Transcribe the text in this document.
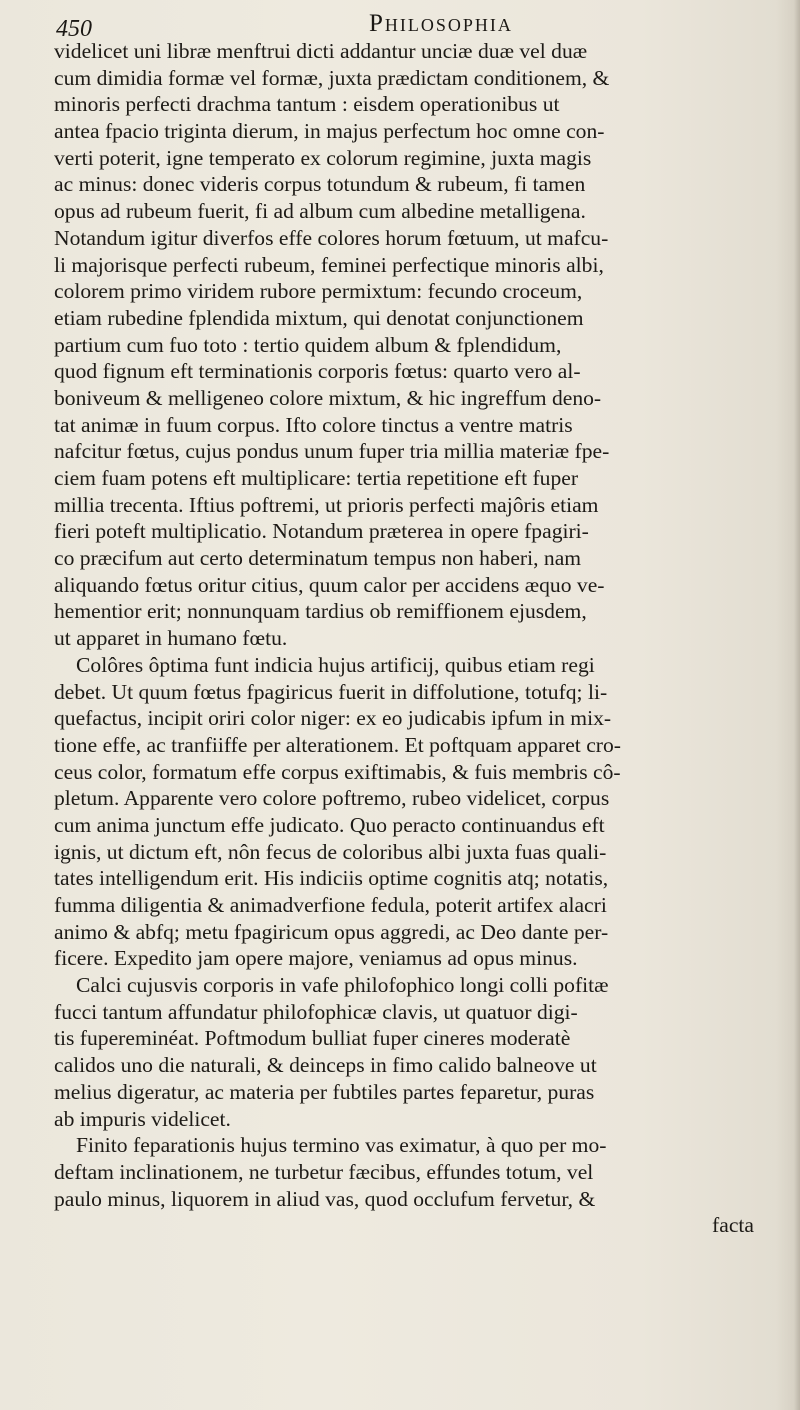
450	Philosophia
videlicet uni libræ menftrui dicti addantur unciæ duæ vel duæ
cum dimidia formæ vel formæ, juxta prædictam conditionem, &
minoris perfecti drachma tantum : eisdem operationibus ut
antea fpacio triginta dierum, in majus perfectum hoc omne con-
verti poterit, igne temperato ex colorum regimine, juxta magis
ac minus: donec videris corpus totundum & rubeum, fi tamen
opus ad rubeum fuerit, fi ad album cum albedine metalligena.
Notandum igitur diverfos effe colores horum fœtuum, ut mafcu-
li majorisque perfecti rubeum, feminei perfectique minoris albi,
colorem primo viridem rubore permixtum: fecundo croceum,
etiam rubedine fplendida mixtum, qui denotat conjunctionem
partium cum fuo toto : tertio quidem album & fplendidum,
quod fignum eft terminationis corporis fœtus: quarto vero al-
boniveum & melligeneo colore mixtum, & hic ingreffum deno-
tat animæ in fuum corpus. Ifto colore tinctus a ventre matris
nafcitur fœtus, cujus pondus unum fuper tria millia materiæ fpe-
ciem fuam potens eft multiplicare: tertia repetitione eft fuper
millia trecenta. Iftius poftremi, ut prioris perfecti majôris etiam
fieri poteft multiplicatio. Notandum præterea in opere fpagiri-
co præcifum aut certo determinatum tempus non haberi, nam
aliquando fœtus oritur citius, quum calor per accidens æquo ve-
hementior erit; nonnunquam tardius ob remiffionem ejusdem,
ut apparet in humano fœtu.
Colôres ôptima funt indicia hujus artificij, quibus etiam regi
debet. Ut quum fœtus fpagiricus fuerit in diffolutione, totufq; li-
quefactus, incipit oriri color niger: ex eo judicabis ipfum in mix-
tione effe, ac tranfiiffe per alterationem. Et poftquam apparet cro-
ceus color, formatum effe corpus exiftimabis, & fuis membris cô-
pletum. Apparente vero colore poftremo, rubeo videlicet, corpus
cum anima junctum effe judicato. Quo peracto continuandus eft
ignis, ut dictum eft, nôn fecus de coloribus albi juxta fuas quali-
tates intelligendum erit. His indiciis optime cognitis atq; notatis,
fumma diligentia & animadverfione fedula, poterit artifex alacri
animo & abfq; metu fpagiricum opus aggredi, ac Deo dante per-
ficere. Expedito jam opere majore, veniamus ad opus minus.
Calci cujusvis corporis in vafe philofophico longi colli pofitæ
fucci tantum affundatur philofophicæ clavis, ut quatuor digi-
tis fupereminéat. Poftmodum bulliat fuper cineres moderatè
calidos uno die naturali, & deinceps in fimo calido balneove ut
melius digeratur, ac materia per fubtiles partes feparetur, puras
ab impuris videlicet.
Finito feparationis hujus termino vas eximatur, à quo per mo-
deftam inclinationem, ne turbetur fæcibus, effundes totum, vel
paulo minus, liquorem in aliud vas, quod occlufum fervetur, &
facta
